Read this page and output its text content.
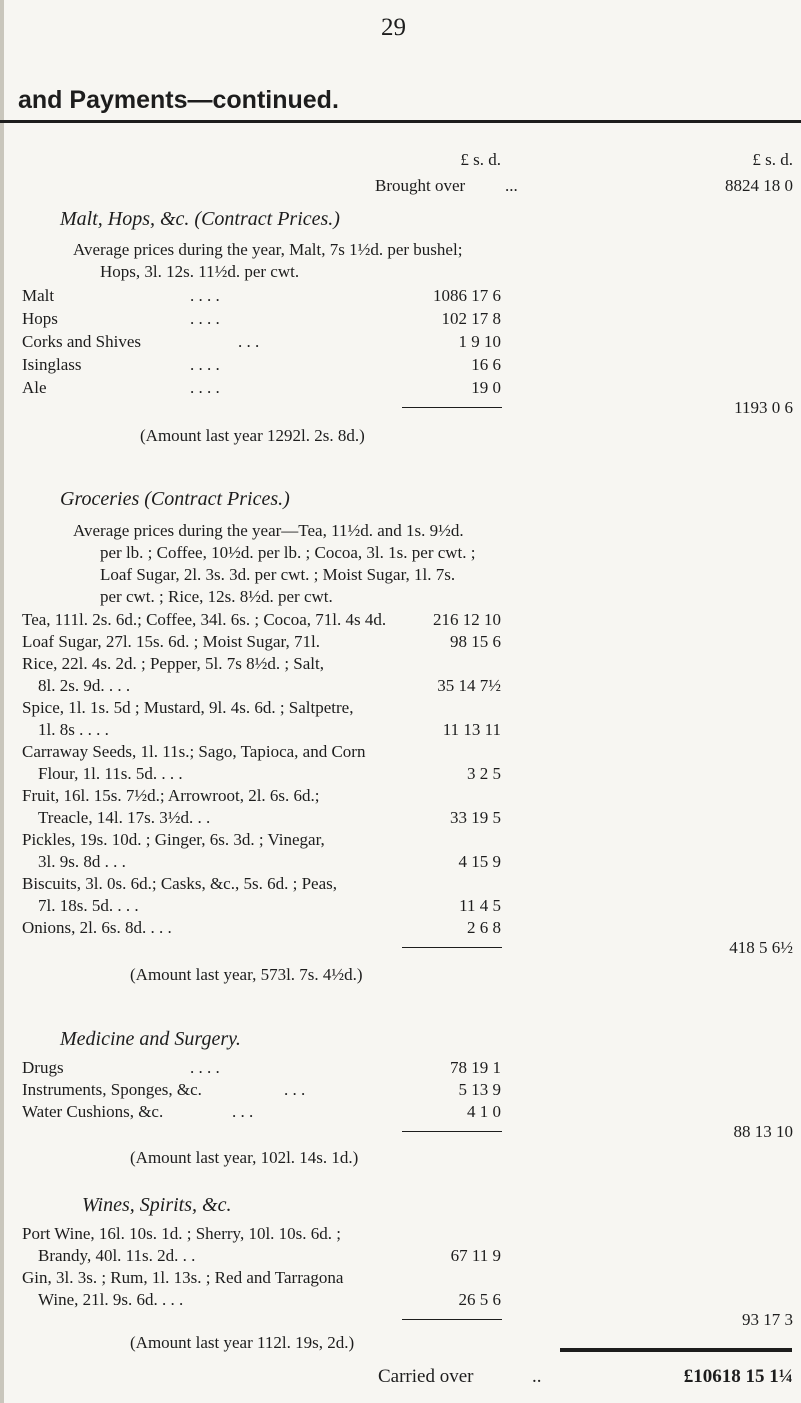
29
and Payments—continued.
£ s. d.	£ s. d.
Brought over ...	8824 18 0
Malt, Hops, &c. (Contract Prices.)
Average prices during the year, Malt, 7s 1½d. per bushel;
Hops, 3l. 12s. 11½d. per cwt.
Malt	. . . .	1086 17 6
Hops	. . . .	102 17 8
Corks and Shives	. . .	1 9 10
Isinglass	. . . .	16 6
Ale	. . . .	19 0
1193 0 6
(Amount last year 1292l. 2s. 8d.)
Groceries (Contract Prices.)
Average prices during the year—Tea, 11½d. and 1s. 9½d.
per lb. ; Coffee, 10½d. per lb. ; Cocoa, 3l. 1s. per cwt. ;
Loaf Sugar, 2l. 3s. 3d. per cwt. ; Moist Sugar, 1l. 7s.
per cwt. ; Rice, 12s. 8½d. per cwt.
Tea, 111l. 2s. 6d.; Coffee, 34l. 6s. ; Cocoa, 71l. 4s 4d.	216 12 10
Loaf Sugar, 27l. 15s. 6d. ; Moist Sugar, 71l.	98 15 6
Rice, 22l. 4s. 2d. ; Pepper, 5l. 7s 8½d. ; Salt,
8l. 2s. 9d. . . .	35 14 7½
Spice, 1l. 1s. 5d ; Mustard, 9l. 4s. 6d. ; Saltpetre,
1l. 8s . . . .	11 13 11
Carraway Seeds, 1l. 11s.; Sago, Tapioca, and Corn
Flour, 1l. 11s. 5d. . . .	3 2 5
Fruit, 16l. 15s. 7½d.; Arrowroot, 2l. 6s. 6d.;
Treacle, 14l. 17s. 3½d. . .	33 19 5
Pickles, 19s. 10d. ; Ginger, 6s. 3d. ; Vinegar,
3l. 9s. 8d . . .	4 15 9
Biscuits, 3l. 0s. 6d.; Casks, &c., 5s. 6d. ; Peas,
7l. 18s. 5d. . . .	11 4 5
Onions, 2l. 6s. 8d. . . .	2 6 8
418 5 6½
(Amount last year, 573l. 7s. 4½d.)
Medicine and Surgery.
Drugs	. . . .	78 19 1
Instruments, Sponges, &c.	. . .	5 13 9
Water Cushions, &c.	. . .	4 1 0
88 13 10
(Amount last year, 102l. 14s. 1d.)
Wines, Spirits, &c.
Port Wine, 16l. 10s. 1d. ; Sherry, 10l. 10s. 6d. ;
Brandy, 40l. 11s. 2d. . .	67 11 9
Gin, 3l. 3s. ; Rum, 1l. 13s. ; Red and Tarragona
Wine, 21l. 9s. 6d. . . .	26 5 6
93 17 3
(Amount last year 112l. 19s, 2d.)
Carried over	..	£10618 15 1¼
